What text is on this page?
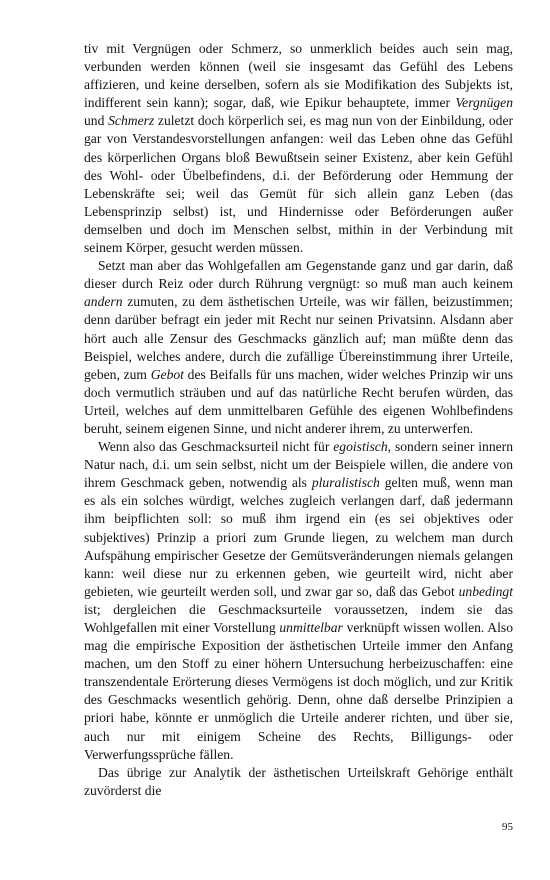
tiv mit Vergnügen oder Schmerz, so unmerklich beides auch sein mag, verbunden werden können (weil sie insgesamt das Gefühl des Lebens affizieren, und keine derselben, sofern als sie Modifikation des Subjekts ist, indifferent sein kann); sogar, daß, wie Epikur behauptete, immer Vergnügen und Schmerz zuletzt doch körperlich sei, es mag nun von der Einbildung, oder gar von Verstandesvorstellungen anfangen: weil das Leben ohne das Gefühl des körperlichen Organs bloß Bewußtsein seiner Existenz, aber kein Gefühl des Wohl- oder Übelbefindens, d.i. der Beförderung oder Hemmung der Lebenskräfte sei; weil das Gemüt für sich allein ganz Leben (das Lebensprinzip selbst) ist, und Hindernisse oder Beförderungen außer demselben und doch im Menschen selbst, mithin in der Verbindung mit seinem Körper, gesucht werden müssen.

Setzt man aber das Wohlgefallen am Gegenstande ganz und gar darin, daß dieser durch Reiz oder durch Rührung vergnügt: so muß man auch keinem andern zumuten, zu dem ästhetischen Urteile, was wir fällen, beizustimmen; denn darüber befragt ein jeder mit Recht nur seinen Privatsinn. Alsdann aber hört auch alle Zensur des Geschmacks gänzlich auf; man müßte denn das Beispiel, welches andere, durch die zufällige Übereinstimmung ihrer Urteile, geben, zum Gebot des Beifalls für uns machen, wider welches Prinzip wir uns doch vermutlich sträuben und auf das natürliche Recht berufen würden, das Urteil, welches auf dem unmittelbaren Gefühle des eigenen Wohlbefindens beruht, seinem eigenen Sinne, und nicht anderer ihrem, zu unterwerfen.

Wenn also das Geschmacksurteil nicht für egoistisch, sondern seiner innern Natur nach, d.i. um sein selbst, nicht um der Beispiele willen, die andere von ihrem Geschmack geben, notwendig als pluralistisch gelten muß, wenn man es als ein solches würdigt, welches zugleich verlangen darf, daß jedermann ihm beipflichten soll: so muß ihm irgend ein (es sei objektives oder subjektives) Prinzip a priori zum Grunde liegen, zu welchem man durch Aufspähung empirischer Gesetze der Gemütsveränderungen niemals gelangen kann: weil diese nur zu erkennen geben, wie geurteilt wird, nicht aber gebieten, wie geurteilt werden soll, und zwar gar so, daß das Gebot unbedingt ist; dergleichen die Geschmacksurteile voraussetzen, indem sie das Wohlgefallen mit einer Vorstellung unmittelbar verknüpft wissen wollen. Also mag die empirische Exposition der ästhetischen Urteile immer den Anfang machen, um den Stoff zu einer höhern Untersuchung herbeizuschaffen: eine transzendentale Erörterung dieses Vermögens ist doch möglich, und zur Kritik des Geschmacks wesentlich gehörig. Denn, ohne daß derselbe Prinzipien a priori habe, könnte er unmöglich die Urteile anderer richten, und über sie, auch nur mit einigem Scheine des Rechts, Billigungs- oder Verwerfungssprüche fällen.

Das übrige zur Analytik der ästhetischen Urteilskraft Gehörige enthält zuvörderst die

95
